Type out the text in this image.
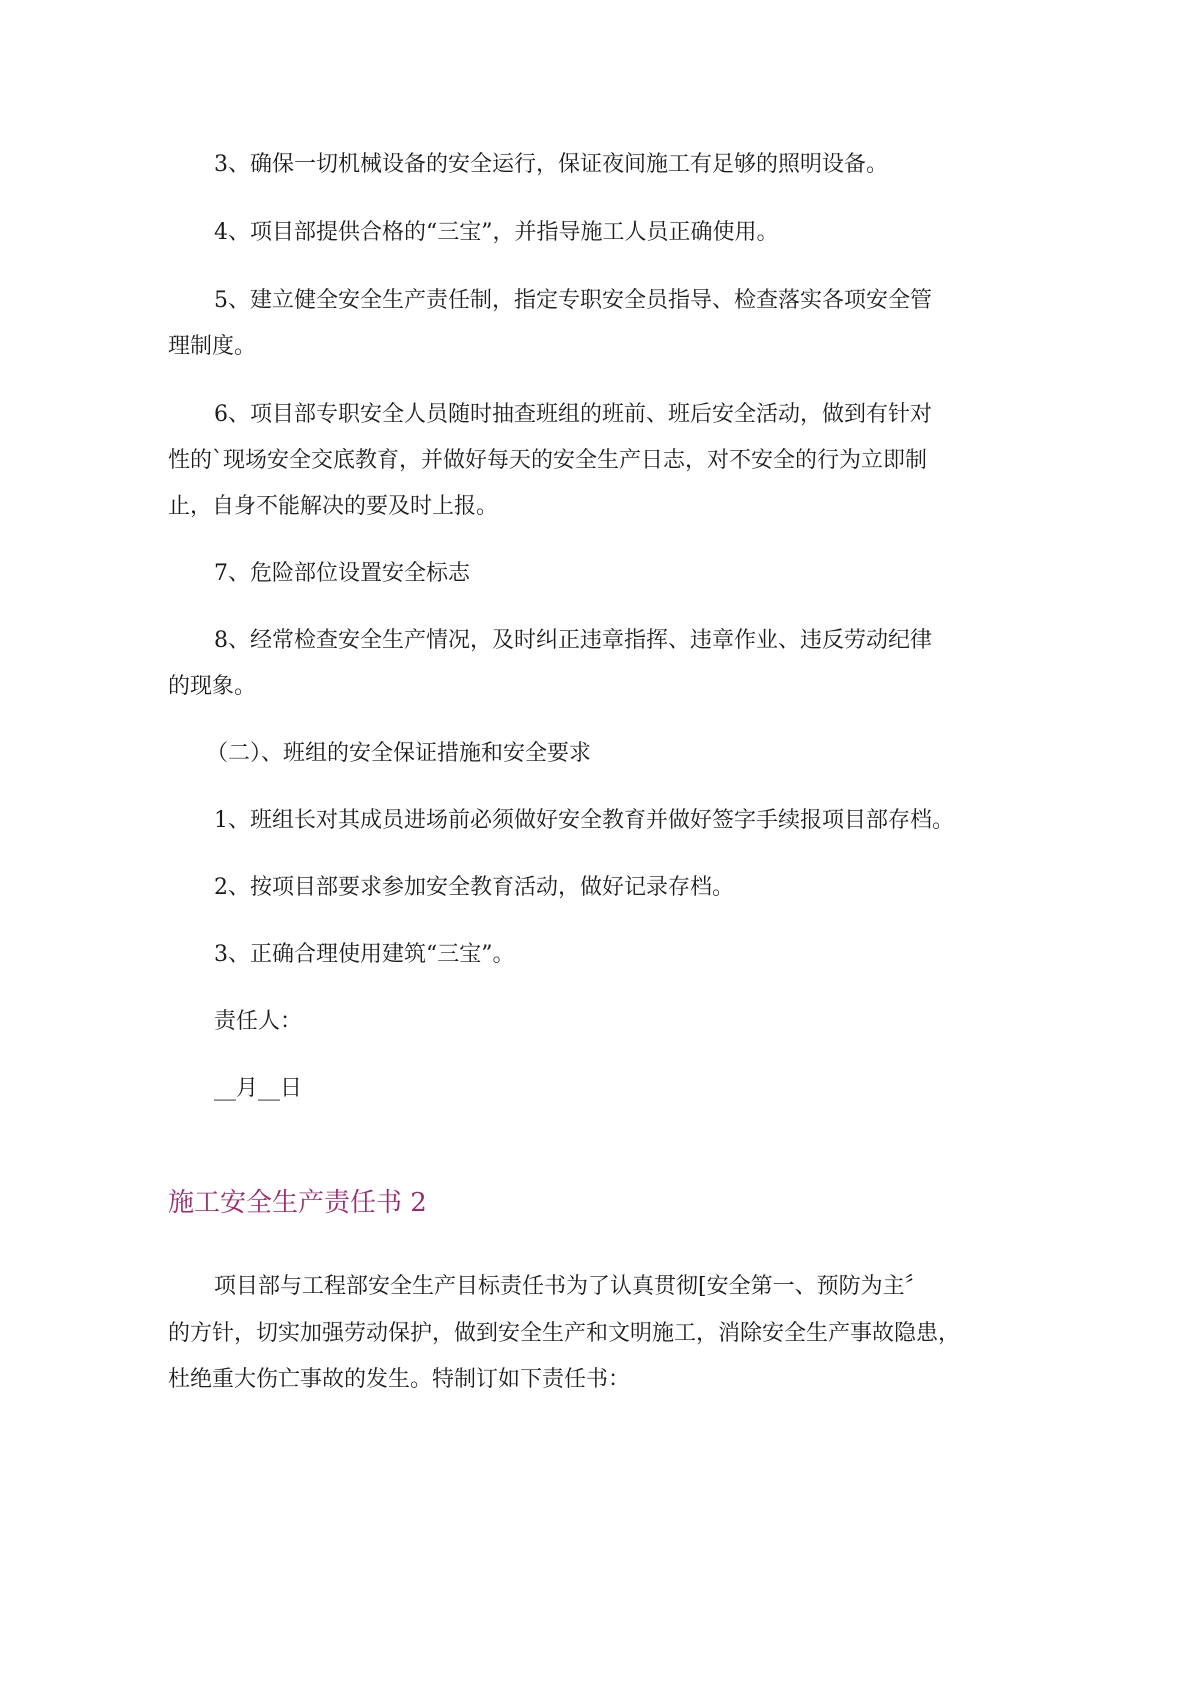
3、确保一切机械设备的安全运行，保证夜间施工有足够的照明设备。
4、项目部提供合格的“三宝”，并指导施工人员正确使用。
5、建立健全安全生产责任制，指定专职安全员指导、检查落实各项安全管
理制度。
6、项目部专职安全人员随时抽查班组的班前、班后安全活动，做到有针对
性的`现场安全交底教育，并做好每天的安全生产日志，对不安全的行为立即制
止，自身不能解决的要及时上报。
7、危险部位设置安全标志
8、经常检查安全生产情况，及时纠正违章指挥、违章作业、违反劳动纪律
的现象。
（二）、班组的安全保证措施和安全要求
1、班组长对其成员进场前必须做好安全教育并做好签字手续报项目部存档。
2、按项目部要求参加安全教育活动，做好记录存档。
3、正确合理使用建筑“三宝”。
责任人：
__月__日
施工安全生产责任书 2
项目部与工程部安全生产目标责任书为了认真贯彻[安全第一、预防为主〞
的方针，切实加强劳动保护，做到安全生产和文明施工，消除安全生产事故隐患，
杜绝重大伤亡事故的发生。特制订如下责任书：
